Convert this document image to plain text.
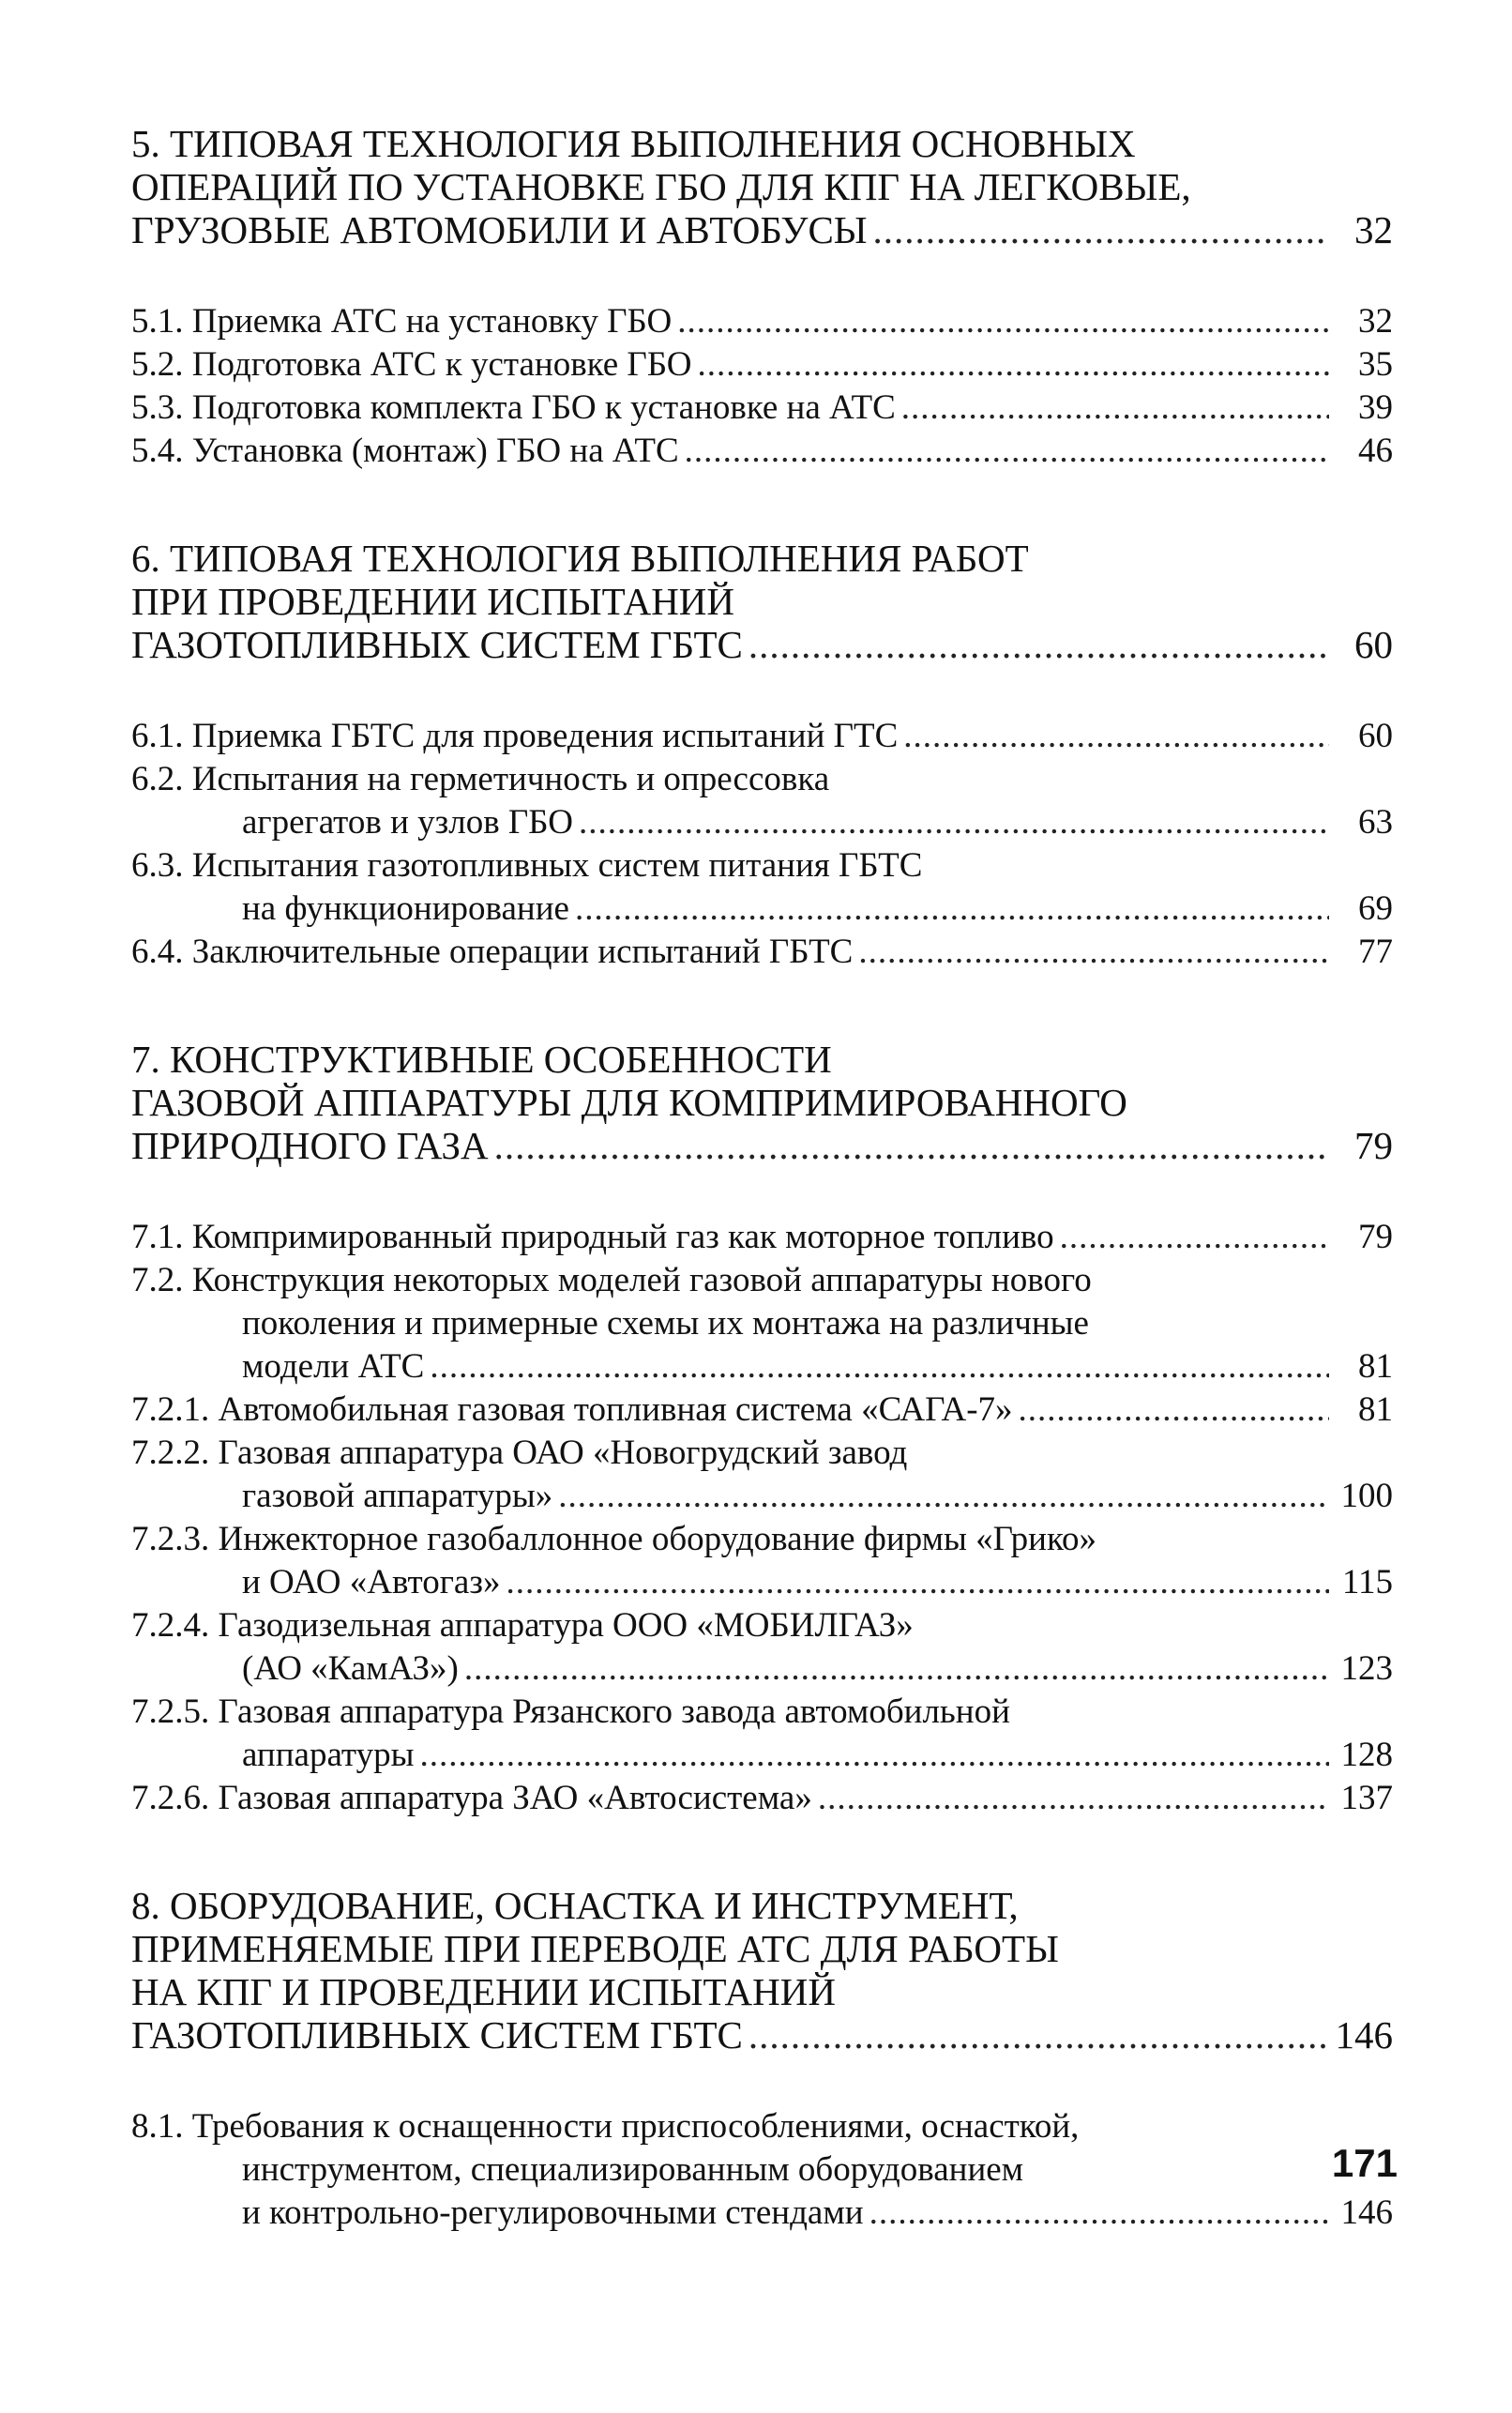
5. ТИПОВАЯ ТЕХНОЛОГИЯ ВЫПОЛНЕНИЯ ОСНОВНЫХ
ОПЕРАЦИЙ ПО УСТАНОВКЕ ГБО ДЛЯ КПГ НА ЛЕГКОВЫЕ,
ГРУЗОВЫЕ АВТОМОБИЛИ И АВТОБУСЫ .....	32
5.1. Приемка АТС на установку ГБО .....	32
5.2. Подготовка АТС к установке ГБО .....	35
5.3. Подготовка комплекта ГБО к установке на АТС .....	39
5.4. Установка (монтаж) ГБО на АТС .....	46
6. ТИПОВАЯ ТЕХНОЛОГИЯ ВЫПОЛНЕНИЯ РАБОТ
ПРИ ПРОВЕДЕНИИ ИСПЫТАНИЙ
ГАЗОТОПЛИВНЫХ СИСТЕМ ГБТС .....	60
6.1. Приемка ГБТС для проведения испытаний ГТС .....	60
6.2. Испытания на герметичность и опрессовка
агрегатов и узлов ГБО .....	63
6.3. Испытания газотопливных систем питания ГБТС
на функционирование .....	69
6.4. Заключительные операции испытаний ГБТС .....	77
7. КОНСТРУКТИВНЫЕ ОСОБЕННОСТИ
ГАЗОВОЙ АППАРАТУРЫ ДЛЯ КОМПРИМИРОВАННОГО
ПРИРОДНОГО ГАЗА .....	79
7.1. Компримированный природный газ как моторное топливо .....	79
7.2. Конструкция некоторых моделей газовой аппаратуры нового
поколения и примерные схемы их монтажа на различные
модели АТС .....	81
7.2.1. Автомобильная газовая топливная система «САГА-7» .....	81
7.2.2. Газовая аппаратура ОАО «Новогрудский завод
газовой аппаратуры» .....	100
7.2.3. Инжекторное газобаллонное оборудование фирмы «Грико»
и ОАО «Автогаз» .....	115
7.2.4. Газодизельная аппаратура ООО «МОБИЛГАЗ»
(АО «КамАЗ») .....	123
7.2.5. Газовая аппаратура Рязанского завода автомобильной
аппаратуры .....	128
7.2.6. Газовая аппаратура ЗАО «Автосистема» .....	137
8. ОБОРУДОВАНИЕ, ОСНАСТКА И ИНСТРУМЕНТ,
ПРИМЕНЯЕМЫЕ ПРИ ПЕРЕВОДЕ АТС ДЛЯ РАБОТЫ
НА КПГ И ПРОВЕДЕНИИ ИСПЫТАНИЙ
ГАЗОТОПЛИВНЫХ СИСТЕМ ГБТС .....	146
8.1. Требования к оснащенности приспособлениями, оснасткой,
инструментом, специализированным оборудованием
и контрольно-регулировочными стендами .....	146
171
